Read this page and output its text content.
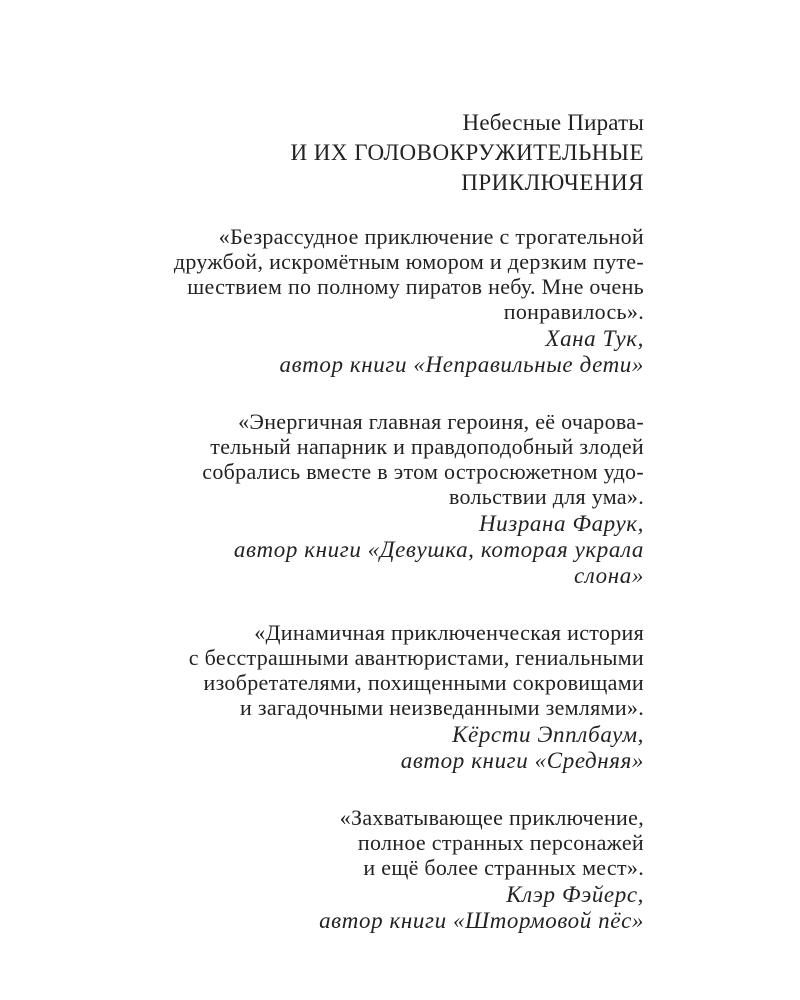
Небесные Пираты
И ИХ ГОЛОВОКРУЖИТЕЛЬНЫЕ
ПРИКЛЮЧЕНИЯ
«Безрассудное приключение с трогательной
дружбой, искромётным юмором и дерзким путе-
шествием по полному пиратов небу. Мне очень
понравилось».
Хана Тук,
автор книги «Неправильные дети»
«Энергичная главная героиня, её очарова-
тельный напарник и правдоподобный злодей
собрались вместе в этом остросюжетном удо-
вольствии для ума».
Низрана Фарук,
автор книги «Девушка, которая украла
слона»
«Динамичная приключенческая история
с бесстрашными авантюристами, гениальными
изобретателями, похищенными сокровищами
и загадочными неизведанными землями».
Кёрсти Эпплбаум,
автор книги «Средняя»
«Захватывающее приключение,
полное странных персонажей
и ещё более странных мест».
Клэр Фэйерс,
автор книги «Штормовой пёс»
